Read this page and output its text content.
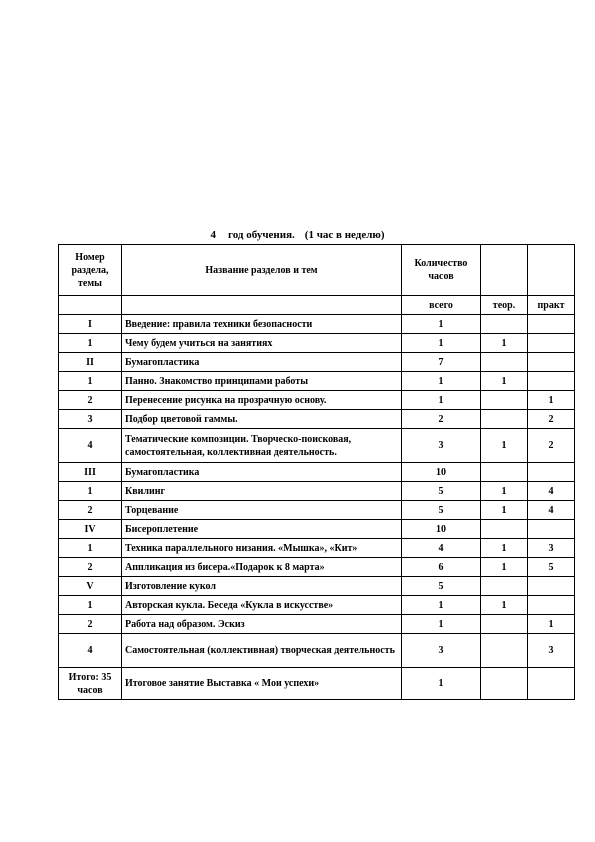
4 год обучения. (1 час в неделю)
Номер раздела, темы	Название разделов и тем	Количество часов		
		всего	теор.	практ
I	Введение: правила техники безопасности	1		
1	Чему будем учиться на занятиях	1	1	
II	Бумагопластика	7		
1	Панно. Знакомство принципами работы	1	1	
2	Перенесение рисунка на прозрачную основу.	1		1
3	Подбор цветовой гаммы.	2		2
4	Тематические композиции. Творческо-поисковая, самостоятельная, коллективная деятельность.	3	1	2
III	Бумагопластика	10		
1	Квилинг	5	1	4
2	Торцевание	5	1	4
IV	Бисероплетение	10		
1	Техника параллельного низания. «Мышка», «Кит»	4	1	3
2	Аппликация из бисера.«Подарок к 8 марта»	6	1	5
V	Изготовление кукол	5		
1	Авторская кукла. Беседа «Кукла в искусстве»	1	1	
2	Работа над образом. Эскиз	1		1
4	Самостоятельная (коллективная) творческая деятельность	3		3
Итого: 35 часов	Итоговое занятие Выставка « Мои успехи»	1		
